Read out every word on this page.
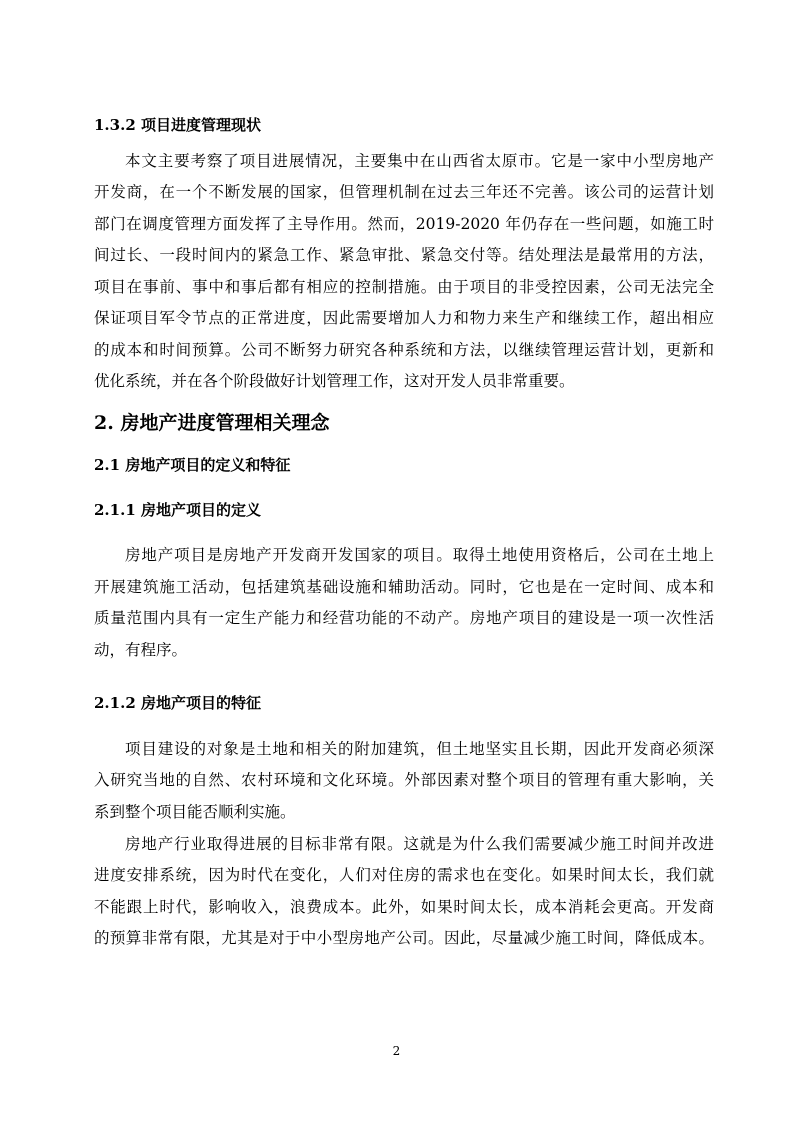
1.3.2 项目进度管理现状
本文主要考察了项目进展情况，主要集中在山西省太原市。它是一家中小型房地产
开发商，在一个不断发展的国家，但管理机制在过去三年还不完善。该公司的运营计划
部门在调度管理方面发挥了主导作用。然而，2019-2020 年仍存在一些问题，如施工时
间过长、一段时间内的紧急工作、紧急审批、紧急交付等。结处理法是最常用的方法，
项目在事前、事中和事后都有相应的控制措施。由于项目的非受控因素，公司无法完全
保证项目军令节点的正常进度，因此需要增加人力和物力来生产和继续工作，超出相应
的成本和时间预算。公司不断努力研究各种系统和方法，以继续管理运营计划，更新和
优化系统，并在各个阶段做好计划管理工作，这对开发人员非常重要。
2. 房地产进度管理相关理念
2.1 房地产项目的定义和特征
2.1.1 房地产项目的定义
房地产项目是房地产开发商开发国家的项目。取得土地使用资格后，公司在土地上
开展建筑施工活动，包括建筑基础设施和辅助活动。同时，它也是在一定时间、成本和
质量范围内具有一定生产能力和经营功能的不动产。房地产项目的建设是一项一次性活
动，有程序。
2.1.2 房地产项目的特征
项目建设的对象是土地和相关的附加建筑，但土地坚实且长期，因此开发商必须深
入研究当地的自然、农村环境和文化环境。外部因素对整个项目的管理有重大影响，关
系到整个项目能否顺利实施。
房地产行业取得进展的目标非常有限。这就是为什么我们需要减少施工时间并改进
进度安排系统，因为时代在变化，人们对住房的需求也在变化。如果时间太长，我们就
不能跟上时代，影响收入，浪费成本。此外，如果时间太长，成本消耗会更高。开发商
的预算非常有限，尤其是对于中小型房地产公司。因此，尽量减少施工时间，降低成本。
2
